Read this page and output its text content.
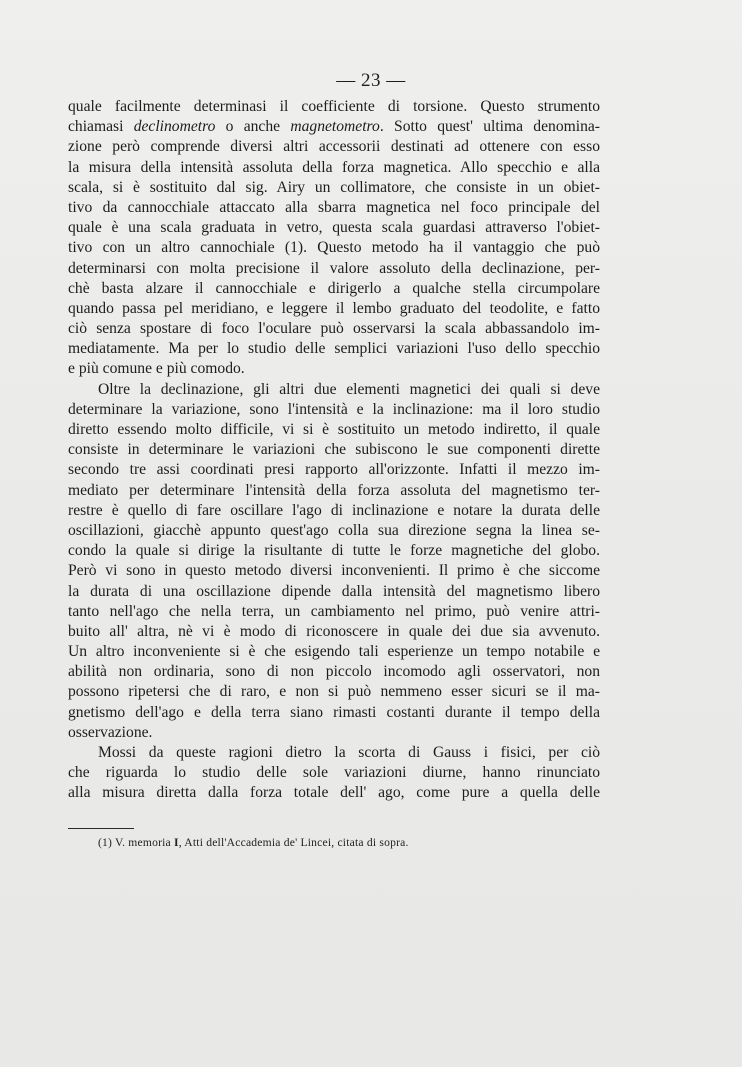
— 23 —
quale facilmente determinasi il coefficiente di torsione. Questo strumento
chiamasi declinometro o anche magnetometro. Sotto quest' ultima denomina-
zione però comprende diversi altri accessorii destinati ad ottenere con esso
la misura della intensità assoluta della forza magnetica. Allo specchio e alla
scala, si è sostituito dal sig. Airy un collimatore, che consiste in un obiet-
tivo da cannocchiale attaccato alla sbarra magnetica nel foco principale del
quale è una scala graduata in vetro, questa scala guardasi attraverso l'obiet-
tivo con un altro cannochiale (1). Questo metodo ha il vantaggio che può
determinarsi con molta precisione il valore assoluto della declinazione, per-
chè basta alzare il cannocchiale e dirigerlo a qualche stella circumpolare
quando passa pel meridiano, e leggere il lembo graduato del teodolite, e fatto
ciò senza spostare di foco l'oculare può osservarsi la scala abbassandolo im-
mediatamente. Ma per lo studio delle semplici variazioni l'uso dello specchio
e più comune e più comodo.
Oltre la declinazione, gli altri due elementi magnetici dei quali si deve
determinare la variazione, sono l'intensità e la inclinazione: ma il loro studio
diretto essendo molto difficile, vi si è sostituito un metodo indiretto, il quale
consiste in determinare le variazioni che subiscono le sue componenti dirette
secondo tre assi coordinati presi rapporto all'orizzonte. Infatti il mezzo im-
mediato per determinare l'intensità della forza assoluta del magnetismo ter-
restre è quello di fare oscillare l'ago di inclinazione e notare la durata delle
oscillazioni, giacchè appunto quest'ago colla sua direzione segna la linea se-
condo la quale si dirige la risultante di tutte le forze magnetiche del globo.
Però vi sono in questo metodo diversi inconvenienti. Il primo è che siccome
la durata di una oscillazione dipende dalla intensità del magnetismo libero
tanto nell'ago che nella terra, un cambiamento nel primo, può venire attri-
buito all' altra, nè vi è modo di riconoscere in quale dei due sia avvenuto.
Un altro inconveniente si è che esigendo tali esperienze un tempo notabile e
abilità non ordinaria, sono di non piccolo incomodo agli osservatori, non
possono ripetersi che di raro, e non si può nemmeno esser sicuri se il ma-
gnetismo dell'ago e della terra siano rimasti costanti durante il tempo della
osservazione.
Mossi da queste ragioni dietro la scorta di Gauss i fisici, per ciò
che riguarda lo studio delle sole variazioni diurne, hanno rinunciato
alla misura diretta dalla forza totale dell' ago, come pure a quella delle
(1) V. memoria I, Atti dell'Accademia de' Lincei, citata di sopra.
